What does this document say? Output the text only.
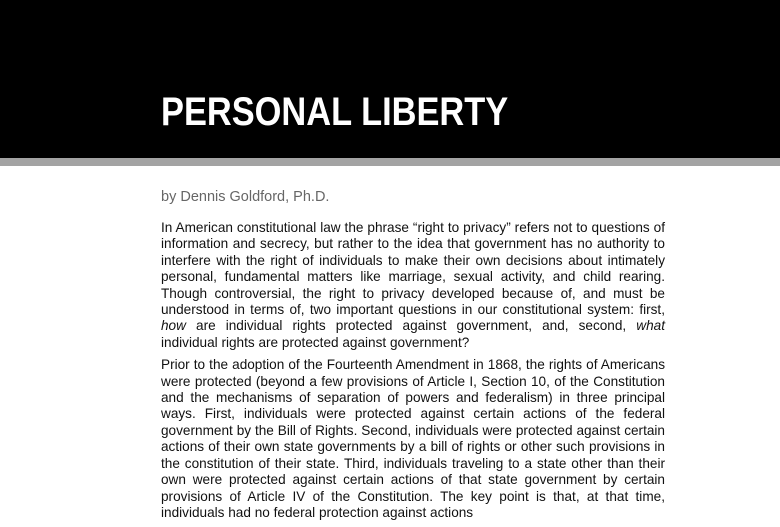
PERSONAL LIBERTY
by Dennis Goldford, Ph.D.

In American constitutional law the phrase “right to privacy” refers not to questions of information and secrecy, but rather to the idea that government has no authority to interfere with the right of individuals to make their own decisions about intimately personal, fundamental matters like marriage, sexual activity, and child rearing. Though controversial, the right to privacy developed because of, and must be understood in terms of, two important questions in our constitutional system: first, how are individual rights protected against government, and, second, what individual rights are protected against government?

Prior to the adoption of the Fourteenth Amendment in 1868, the rights of Americans were protected (beyond a few provisions of Article I, Section 10, of the Constitution and the mechanisms of separation of powers and federalism) in three principal ways. First, individuals were protected against certain actions of the federal government by the Bill of Rights. Second, individuals were protected against certain actions of their own state governments by a bill of rights or other such provisions in the constitution of their state. Third, individuals traveling to a state other than their own were protected against certain actions of that state government by certain provisions of Article IV of the Constitution. The key point is that, at that time, individuals had no federal protection against actions
